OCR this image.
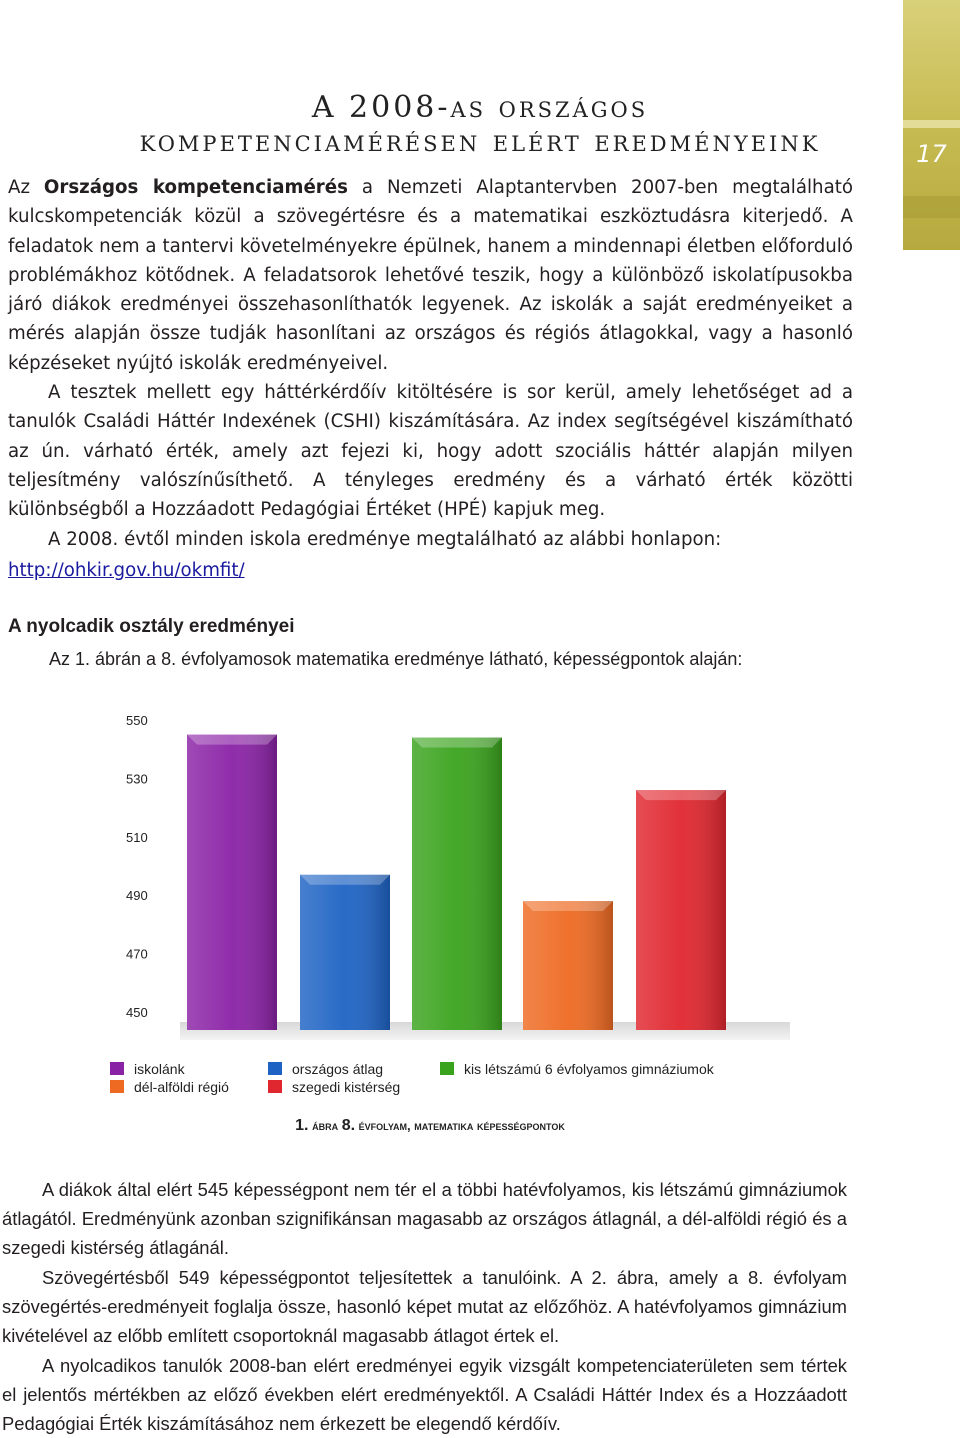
17
A 2008-as országos
kompetenciamérésen elért eredményeink

Az Országos kompetenciamérés a Nemzeti Alaptantervben 2007-ben megtalálható kulcskompetenciák közül a szövegértésre és a matematikai eszköztudásra kiterjedő. A feladatok nem a tantervi követelményekre épülnek, hanem a mindennapi életben előforduló problémákhoz kötődnek. A feladatsorok lehetővé teszik, hogy a különböző iskolatípusokba járó diákok eredményei összehasonlíthatók legyenek. Az iskolák a saját eredményeiket a mérés alapján össze tudják hasonlítani az országos és régiós átlagokkal, vagy a hasonló képzéseket nyújtó iskolák eredményeivel.
A tesztek mellett egy háttérkérdőív kitöltésére is sor kerül, amely lehetőséget ad a tanulók Családi Háttér Indexének (CSHI) kiszámítására. Az index segítségével kiszámítható az ún. várható érték, amely azt fejezi ki, hogy adott szociális háttér alapján milyen teljesítmény valószínűsíthető. A tényleges eredmény és a várható érték közötti különbségből a Hozzáadott Pedagógiai Értéket (HPÉ) kapjuk meg.
A 2008. évtől minden iskola eredménye megtalálható az alábbi honlapon:

http://ohkir.gov.hu/okmfit/
A nyolcadik osztály eredményei
Az 1. ábrán a 8. évfolyamosok matematika eredménye látható, képességpontok alaján:
550
530
510
490
470
450
iskolánk
dél-alföldi régió
országos átlag
szegedi kistérség
kis létszámú 6 évfolyamos gimnáziumok
1. ábra 8. évfolyam, matematika képességpontok

A diákok által elért 545 képességpont nem tér el a többi hatévfolyamos, kis létszámú gimnáziumok átlagától. Eredményünk azonban szignifikánsan magasabb az országos átlagnál, a dél-alföldi régió és a szegedi kistérség átlagánál.

Szövegértésből 549 képességpontot teljesítettek a tanulóink. A 2. ábra, amely a 8. évfolyam szövegértés-eredményeit foglalja össze, hasonló képet mutat az előzőhöz. A hatévfolyamos gimnázium kivételével az előbb említett csoportoknál magasabb átlagot értek el.

A nyolcadikos tanulók 2008-ban elért eredményei egyik vizsgált kompetenciaterületen sem tértek el jelentős mértékben az előző években elért eredményektől. A Családi Háttér Index és a Hozzáadott Pedagógiai Érték kiszámításához nem érkezett be elegendő kérdőív.
